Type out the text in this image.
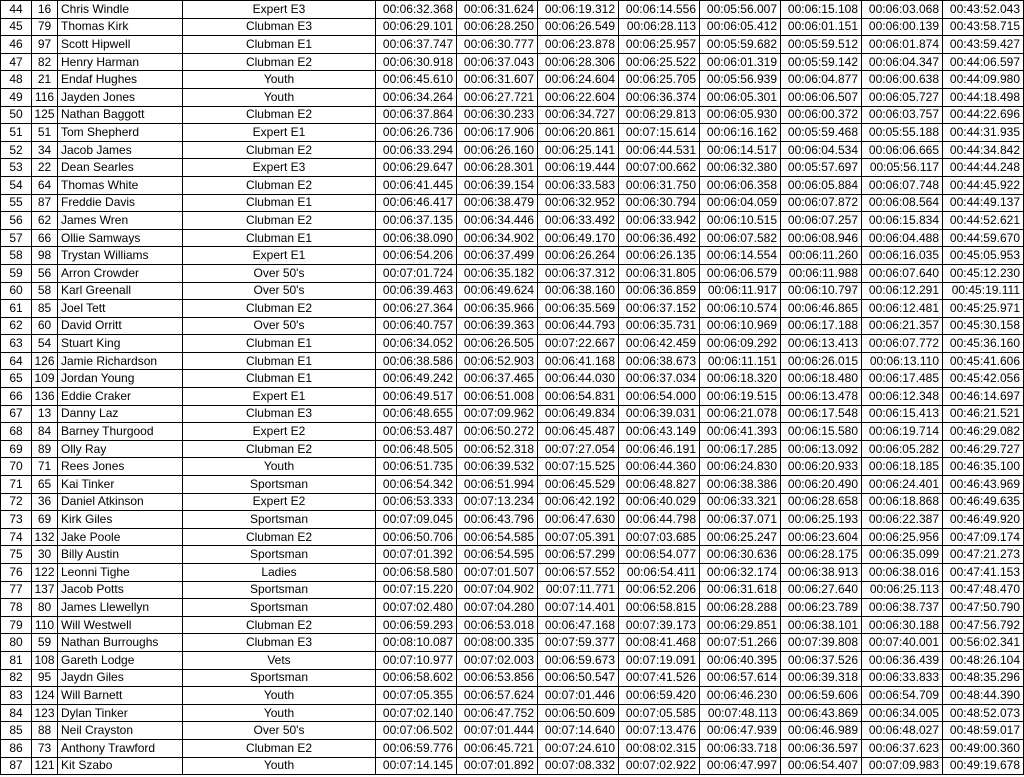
44	16	Chris Windle	Expert E3	00:06:32.368	00:06:31.624	00:06:19.312	00:06:14.556	00:05:56.007	00:06:15.108	00:06:03.068	00:43:52.043
45	79	Thomas Kirk	Clubman E3	00:06:29.101	00:06:28.250	00:06:26.549	00:06:28.113	00:06:05.412	00:06:01.151	00:06:00.139	00:43:58.715
46	97	Scott Hipwell	Clubman E1	00:06:37.747	00:06:30.777	00:06:23.878	00:06:25.957	00:05:59.682	00:05:59.512	00:06:01.874	00:43:59.427
47	82	Henry Harman	Clubman E2	00:06:30.918	00:06:37.043	00:06:28.306	00:06:25.522	00:06:01.319	00:05:59.142	00:06:04.347	00:44:06.597
48	21	Endaf Hughes	Youth	00:06:45.610	00:06:31.607	00:06:24.604	00:06:25.705	00:05:56.939	00:06:04.877	00:06:00.638	00:44:09.980
49	116	Jayden Jones	Youth	00:06:34.264	00:06:27.721	00:06:22.604	00:06:36.374	00:06:05.301	00:06:06.507	00:06:05.727	00:44:18.498
50	125	Nathan Baggott	Clubman E2	00:06:37.864	00:06:30.233	00:06:34.727	00:06:29.813	00:06:05.930	00:06:00.372	00:06:03.757	00:44:22.696
51	51	Tom Shepherd	Expert E1	00:06:26.736	00:06:17.906	00:06:20.861	00:07:15.614	00:06:16.162	00:05:59.468	00:05:55.188	00:44:31.935
52	34	Jacob James	Clubman E2	00:06:33.294	00:06:26.160	00:06:25.141	00:06:44.531	00:06:14.517	00:06:04.534	00:06:06.665	00:44:34.842
53	22	Dean Searles	Expert E3	00:06:29.647	00:06:28.301	00:06:19.444	00:07:00.662	00:06:32.380	00:05:57.697	00:05:56.117	00:44:44.248
54	64	Thomas White	Clubman E2	00:06:41.445	00:06:39.154	00:06:33.583	00:06:31.750	00:06:06.358	00:06:05.884	00:06:07.748	00:44:45.922
55	87	Freddie Davis	Clubman E1	00:06:46.417	00:06:38.479	00:06:32.952	00:06:30.794	00:06:04.059	00:06:07.872	00:06:08.564	00:44:49.137
56	62	James Wren	Clubman E2	00:06:37.135	00:06:34.446	00:06:33.492	00:06:33.942	00:06:10.515	00:06:07.257	00:06:15.834	00:44:52.621
57	66	Ollie Samways	Clubman E1	00:06:38.090	00:06:34.902	00:06:49.170	00:06:36.492	00:06:07.582	00:06:08.946	00:06:04.488	00:44:59.670
58	98	Trystan Williams	Expert E1	00:06:54.206	00:06:37.499	00:06:26.264	00:06:26.135	00:06:14.554	00:06:11.260	00:06:16.035	00:45:05.953
59	56	Arron Crowder	Over 50's	00:07:01.724	00:06:35.182	00:06:37.312	00:06:31.805	00:06:06.579	00:06:11.988	00:06:07.640	00:45:12.230
60	58	Karl Greenall	Over 50's	00:06:39.463	00:06:49.624	00:06:38.160	00:06:36.859	00:06:11.917	00:06:10.797	00:06:12.291	00:45:19.111
61	85	Joel Tett	Clubman E2	00:06:27.364	00:06:35.966	00:06:35.569	00:06:37.152	00:06:10.574	00:06:46.865	00:06:12.481	00:45:25.971
62	60	David Orritt	Over 50's	00:06:40.757	00:06:39.363	00:06:44.793	00:06:35.731	00:06:10.969	00:06:17.188	00:06:21.357	00:45:30.158
63	54	Stuart King	Clubman E1	00:06:34.052	00:06:26.505	00:07:22.667	00:06:42.459	00:06:09.292	00:06:13.413	00:06:07.772	00:45:36.160
64	126	Jamie Richardson	Clubman E1	00:06:38.586	00:06:52.903	00:06:41.168	00:06:38.673	00:06:11.151	00:06:26.015	00:06:13.110	00:45:41.606
65	109	Jordan Young	Clubman E1	00:06:49.242	00:06:37.465	00:06:44.030	00:06:37.034	00:06:18.320	00:06:18.480	00:06:17.485	00:45:42.056
66	136	Eddie Craker	Expert E1	00:06:49.517	00:06:51.008	00:06:54.831	00:06:54.000	00:06:19.515	00:06:13.478	00:06:12.348	00:46:14.697
67	13	Danny Laz	Clubman E3	00:06:48.655	00:07:09.962	00:06:49.834	00:06:39.031	00:06:21.078	00:06:17.548	00:06:15.413	00:46:21.521
68	84	Barney Thurgood	Expert E2	00:06:53.487	00:06:50.272	00:06:45.487	00:06:43.149	00:06:41.393	00:06:15.580	00:06:19.714	00:46:29.082
69	89	Olly Ray	Clubman E2	00:06:48.505	00:06:52.318	00:07:27.054	00:06:46.191	00:06:17.285	00:06:13.092	00:06:05.282	00:46:29.727
70	71	Rees Jones	Youth	00:06:51.735	00:06:39.532	00:07:15.525	00:06:44.360	00:06:24.830	00:06:20.933	00:06:18.185	00:46:35.100
71	65	Kai Tinker	Sportsman	00:06:54.342	00:06:51.994	00:06:45.529	00:06:48.827	00:06:38.386	00:06:20.490	00:06:24.401	00:46:43.969
72	36	Daniel Atkinson	Expert E2	00:06:53.333	00:07:13.234	00:06:42.192	00:06:40.029	00:06:33.321	00:06:28.658	00:06:18.868	00:46:49.635
73	69	Kirk Giles	Sportsman	00:07:09.045	00:06:43.796	00:06:47.630	00:06:44.798	00:06:37.071	00:06:25.193	00:06:22.387	00:46:49.920
74	132	Jake Poole	Clubman E2	00:06:50.706	00:06:54.585	00:07:05.391	00:07:03.685	00:06:25.247	00:06:23.604	00:06:25.956	00:47:09.174
75	30	Billy Austin	Sportsman	00:07:01.392	00:06:54.595	00:06:57.299	00:06:54.077	00:06:30.636	00:06:28.175	00:06:35.099	00:47:21.273
76	122	Leonni Tighe	Ladies	00:06:58.580	00:07:01.507	00:06:57.552	00:06:54.411	00:06:32.174	00:06:38.913	00:06:38.016	00:47:41.153
77	137	Jacob Potts	Sportsman	00:07:15.220	00:07:04.902	00:07:11.771	00:06:52.206	00:06:31.618	00:06:27.640	00:06:25.113	00:47:48.470
78	80	James Llewellyn	Sportsman	00:07:02.480	00:07:04.280	00:07:14.401	00:06:58.815	00:06:28.288	00:06:23.789	00:06:38.737	00:47:50.790
79	110	Will Westwell	Clubman E2	00:06:59.293	00:06:53.018	00:06:47.168	00:07:39.173	00:06:29.851	00:06:38.101	00:06:30.188	00:47:56.792
80	59	Nathan Burroughs	Clubman E3	00:08:10.087	00:08:00.335	00:07:59.377	00:08:41.468	00:07:51.266	00:07:39.808	00:07:40.001	00:56:02.341
81	108	Gareth Lodge	Vets	00:07:10.977	00:07:02.003	00:06:59.673	00:07:19.091	00:06:40.395	00:06:37.526	00:06:36.439	00:48:26.104
82	95	Jaydn Giles	Sportsman	00:06:58.602	00:06:53.856	00:06:50.547	00:07:41.526	00:06:57.614	00:06:39.318	00:06:33.833	00:48:35.296
83	124	Will Barnett	Youth	00:07:05.355	00:06:57.624	00:07:01.446	00:06:59.420	00:06:46.230	00:06:59.606	00:06:54.709	00:48:44.390
84	123	Dylan Tinker	Youth	00:07:02.140	00:06:47.752	00:06:50.609	00:07:05.585	00:07:48.113	00:06:43.869	00:06:34.005	00:48:52.073
85	88	Neil Crayston	Over 50's	00:07:06.502	00:07:01.444	00:07:14.640	00:07:13.476	00:06:47.939	00:06:46.989	00:06:48.027	00:48:59.017
86	73	Anthony Trawford	Clubman E2	00:06:59.776	00:06:45.721	00:07:24.610	00:08:02.315	00:06:33.718	00:06:36.597	00:06:37.623	00:49:00.360
87	121	Kit Szabo	Youth	00:07:14.145	00:07:01.892	00:07:08.332	00:07:02.922	00:06:47.997	00:06:54.407	00:07:09.983	00:49:19.678
